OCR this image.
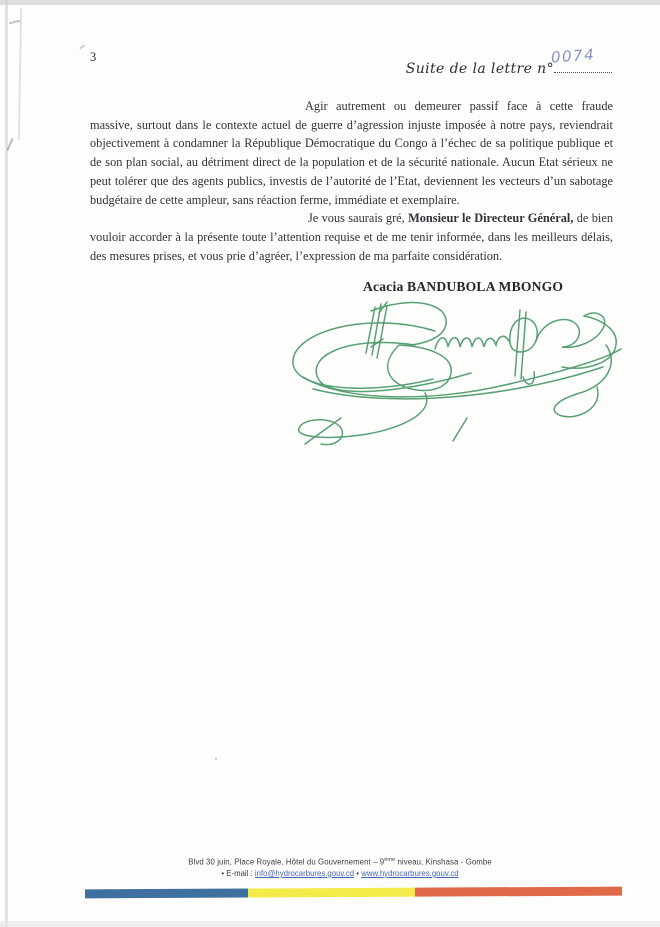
3
Suite de la lettre n°
0074

Agir autrement ou demeurer passif face à cette fraude massive, surtout dans le contexte actuel de guerre d’agression injuste imposée à notre pays, reviendrait objectivement à condamner la République Démocratique du Congo à l’échec de sa politique publique et de son plan social, au détriment direct de la population et de la sécurité nationale. Aucun Etat sérieux ne peut tolérer que des agents publics, investis de l’autorité de l’Etat, deviennent les vecteurs d’un sabotage budgétaire de cette ampleur, sans réaction ferme, immédiate et exemplaire.

Je vous saurais gré, Monsieur le Directeur Général, de bien vouloir accorder à la présente toute l’attention requise et de me tenir informée, dans les meilleurs délais, des mesures prises, et vous prie d’agréer, l’expression de ma parfaite considération.

Acacia BANDUBOLA MBONGO
Blvd 30 juin, Place Royale, Hôtel du Gouvernement – 9ème niveau, Kinshasa - Gombe
• E-mail : info@hydrocarbures.gouv.cd • www.hydrocarbures.gouv.cd
